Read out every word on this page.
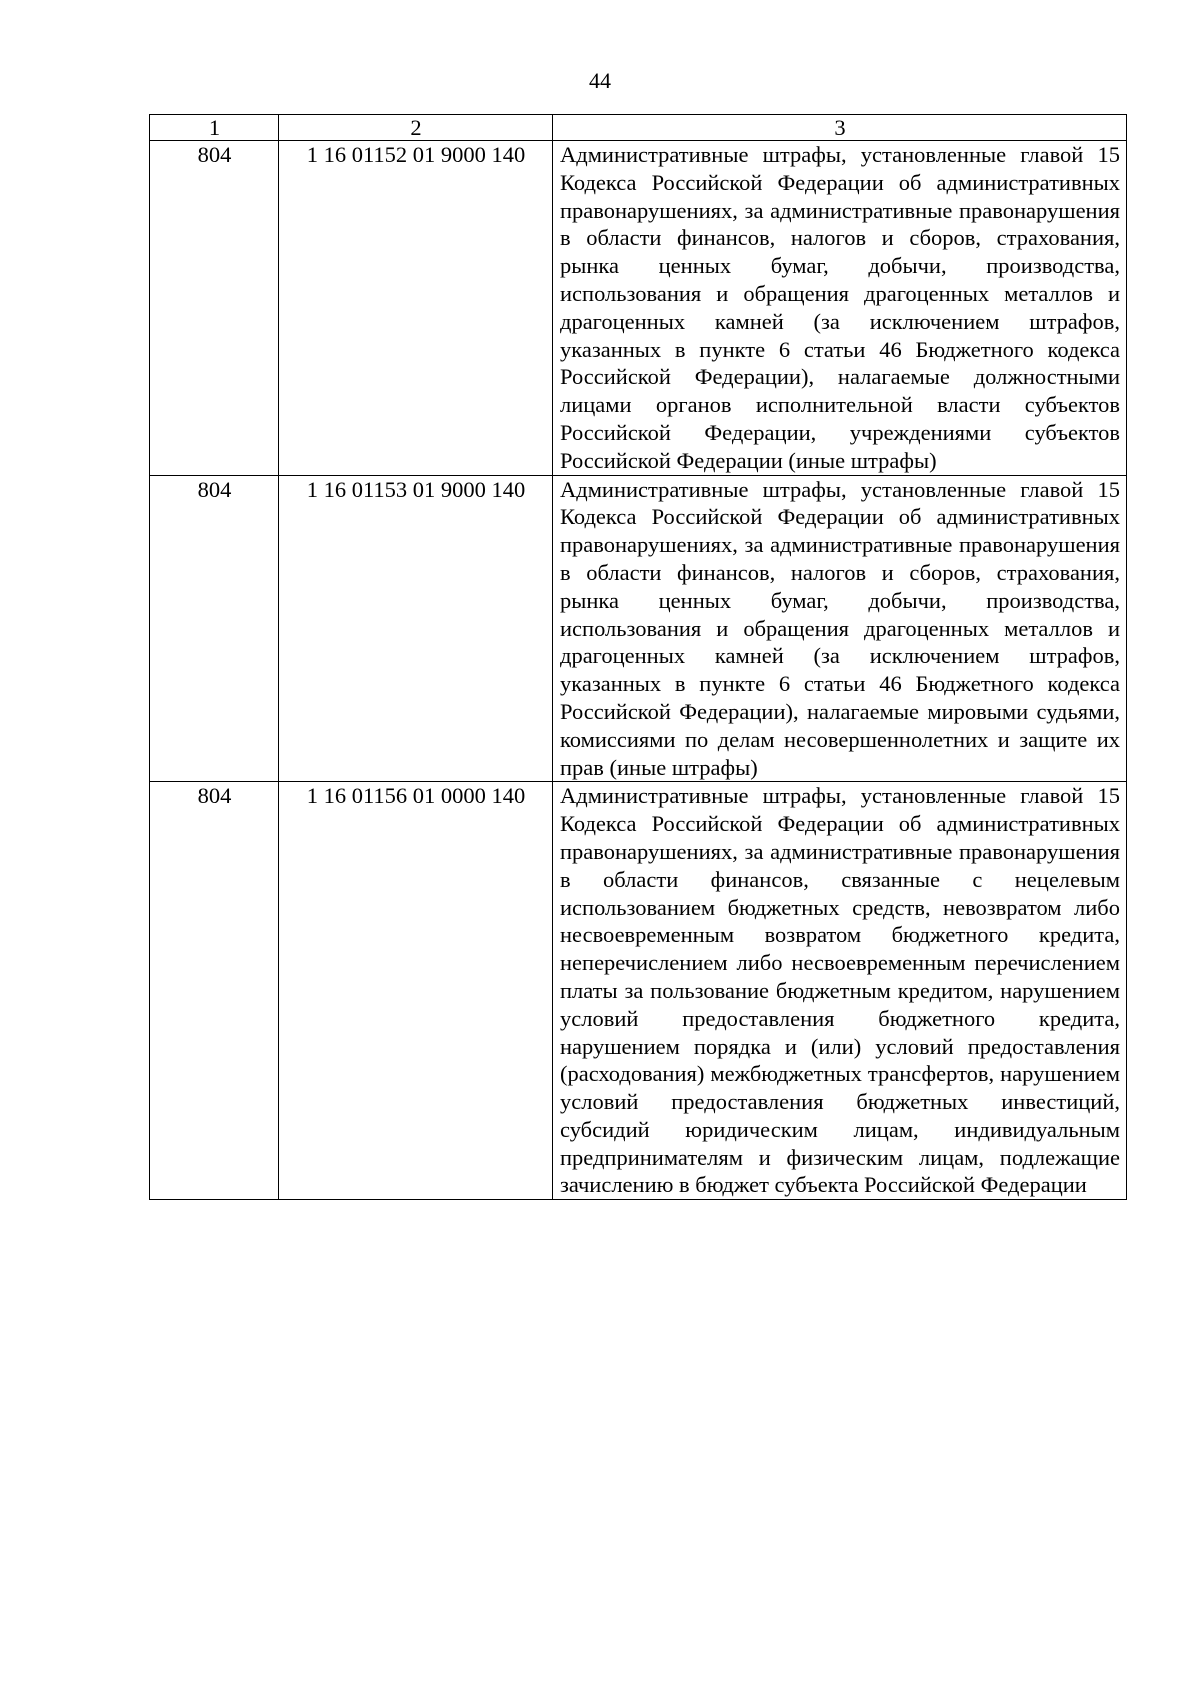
44
1	2	3
804	1 16 01152 01 9000 140	Административные штрафы, установленные главой 15 Кодекса Российской Федерации об административных правонарушениях, за административные правонарушения в области финансов, налогов и сборов, страхования, рынка ценных бумаг, добычи, производства, использования и обращения драгоценных металлов и драгоценных камней (за исключением штрафов, указанных в пункте 6 статьи 46 Бюджетного кодекса Российской Федерации), налагаемые должностными лицами органов исполнительной власти субъектов Российской Федерации, учреждениями субъектов Российской Федерации (иные штрафы)
804	1 16 01153 01 9000 140	Административные штрафы, установленные главой 15 Кодекса Российской Федерации об административных правонарушениях, за административные правонарушения в области финансов, налогов и сборов, страхования, рынка ценных бумаг, добычи, производства, использования и обращения драгоценных металлов и драгоценных камней (за исключением штрафов, указанных в пункте 6 статьи 46 Бюджетного кодекса Российской Федерации), налагаемые мировыми судьями, комиссиями по делам несовершеннолетних и защите их прав (иные штрафы)
804	1 16 01156 01 0000 140	Административные штрафы, установленные главой 15 Кодекса Российской Федерации об административных правонарушениях, за административные правонарушения в области финансов, связанные с нецелевым использованием бюджетных средств, невозвратом либо несвоевременным возвратом бюджетного кредита, неперечислением либо несвоевременным перечислением платы за пользование бюджетным кредитом, нарушением условий предоставления бюджетного кредита, нарушением порядка и (или) условий предоставления (расходования) межбюджетных трансфертов, нарушением условий предоставления бюджетных инвестиций, субсидий юридическим лицам, индивидуальным предпринимателям и физическим лицам, подлежащие зачислению в бюджет субъекта Российской Федерации
